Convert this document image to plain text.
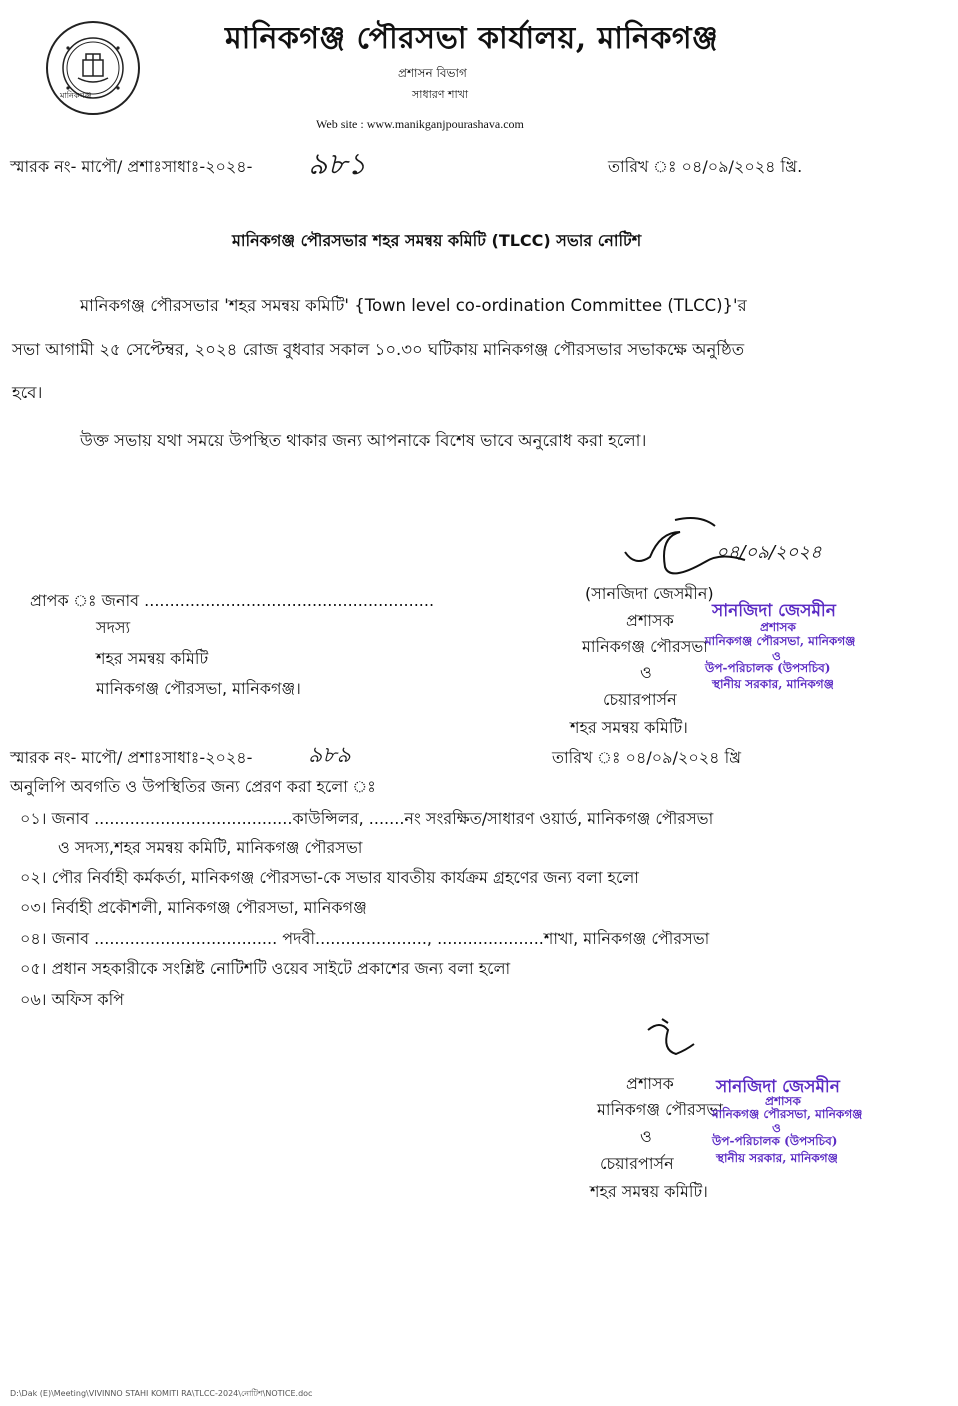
মানিকগঞ্জ
মানিকগঞ্জ পৌরসভা কার্যালয়, মানিকগঞ্জ
প্রশাসন বিভাগ
সাধারণ শাখা
Web site : www.manikganjpourashava.com
স্মারক নং- মাপৌ/ প্রশাঃসাধাঃ-২০২৪- ৯৮১	তারিখ ঃ ০৪/০৯/২০২৪ খ্রি.
মানিকগঞ্জ পৌরসভার শহর সমন্বয় কমিটি (TLCC) সভার নোটিশ
মানিকগঞ্জ পৌরসভার 'শহর সমন্বয় কমিটি' {Town level co-ordination Committee (TLCC)}'র
সভা আগামী ২৫ সেপ্টেম্বর, ২০২৪ রোজ বুধবার সকাল ১০.৩০ ঘটিকায় মানিকগঞ্জ পৌরসভার সভাকক্ষে অনুষ্ঠিত
হবে।
উক্ত সভায় যথা সময়ে উপস্থিত থাকার জন্য আপনাকে বিশেষ ভাবে অনুরোধ করা হলো।
০৪/০৯/২০২৪
(সানজিদা জেসমীন)
প্রশাসক
মানিকগঞ্জ পৌরসভা
ও
চেয়ারপার্সন
শহর সমন্বয় কমিটি।
সানজিদা জেসমীন
প্রশাসক
মানিকগঞ্জ পৌরসভা, মানিকগঞ্জ
ও
উপ-পরিচালক (উপসচিব)
স্থানীয় সরকার, মানিকগঞ্জ
প্রাপক ঃ জনাব .........................................................
সদস্য
শহর সমন্বয় কমিটি
মানিকগঞ্জ পৌরসভা, মানিকগঞ্জ।
স্মারক নং- মাপৌ/ প্রশাঃসাধাঃ-২০২৪-	৯৮৯	তারিখ ঃ ০৪/০৯/২০২৪ খ্রি
অনুলিপি অবগতি ও উপস্থিতির জন্য প্রেরণ করা হলো ঃ
০১। জনাব .......................................কাউন্সিলর, .......নং সংরক্ষিত/সাধারণ ওয়ার্ড, মানিকগঞ্জ পৌরসভা
ও সদস্য,শহর সমন্বয় কমিটি, মানিকগঞ্জ পৌরসভা
০২। পৌর নির্বাহী কর্মকর্তা, মানিকগঞ্জ পৌরসভা-কে সভার যাবতীয় কার্যক্রম গ্রহণের জন্য বলা হলো
০৩। নির্বাহী প্রকৌশলী, মানিকগঞ্জ পৌরসভা, মানিকগঞ্জ
০৪। জনাব .................................... পদবী......................, .....................শাখা, মানিকগঞ্জ পৌরসভা
০৫। প্রধান সহকারীকে সংশ্লিষ্ট নোটিশটি ওয়েব সাইটে প্রকাশের জন্য বলা হলো
০৬। অফিস কপি
প্রশাসক
মানিকগঞ্জ পৌরসভা
ও
চেয়ারপার্সন
শহর সমন্বয় কমিটি।
সানজিদা জেসমীন
প্রশাসক
মানিকগঞ্জ পৌরসভা, মানিকগঞ্জ
ও
উপ-পরিচালক (উপসচিব)
স্থানীয় সরকার, মানিকগঞ্জ
D:\Dak (E)\Meeting\VIVINNO STAHI KOMITI RA\TLCC-2024\নোটিশ\NOTICE.doc
